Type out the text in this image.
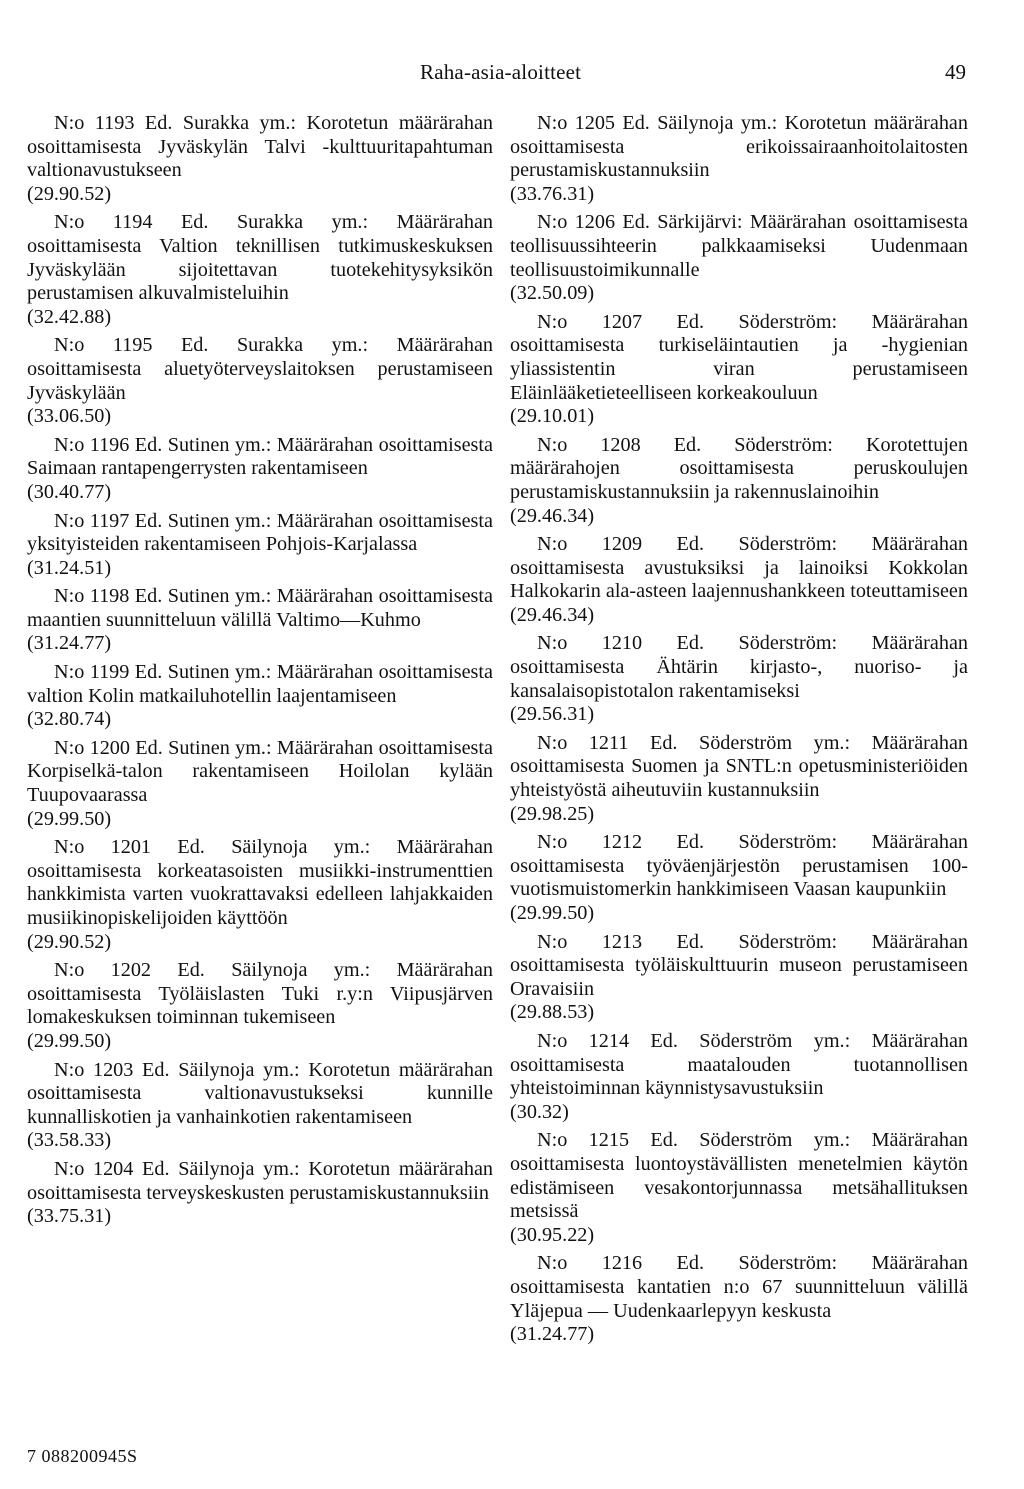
Raha-asia-aloitteet	49

N:o 1193 Ed. Surakka ym.: Korotetun määrärahan osoittamisesta Jyväskylän Talvi -kulttuuritapahtuman valtionavustukseen
(29.90.52)

N:o 1194 Ed. Surakka ym.: Määrärahan osoittamisesta Valtion teknillisen tutkimuskeskuksen Jyväskylään sijoitettavan tuotekehitysyksikön perustamisen alkuvalmisteluihin
(32.42.88)

N:o 1195 Ed. Surakka ym.: Määrärahan osoittamisesta aluetyöterveyslaitoksen perustamiseen Jyväskylään
(33.06.50)

N:o 1196 Ed. Sutinen ym.: Määrärahan osoittamisesta Saimaan rantapengerrysten rakentamiseen
(30.40.77)

N:o 1197 Ed. Sutinen ym.: Määrärahan osoittamisesta yksityisteiden rakentamiseen Pohjois-Karjalassa
(31.24.51)

N:o 1198 Ed. Sutinen ym.: Määrärahan osoittamisesta maantien suunnitteluun välillä Valtimo—Kuhmo
(31.24.77)

N:o 1199 Ed. Sutinen ym.: Määrärahan osoittamisesta valtion Kolin matkailuhotellin laajentamiseen
(32.80.74)

N:o 1200 Ed. Sutinen ym.: Määrärahan osoittamisesta Korpiselkä-talon rakentamiseen Hoilolan kylään Tuupovaarassa
(29.99.50)

N:o 1201 Ed. Säilynoja ym.: Määrärahan osoittamisesta korkeatasoisten musiikki-instrumenttien hankkimista varten vuokrattavaksi edelleen lahjakkaiden musiikinopiskelijoiden käyttöön
(29.90.52)

N:o 1202 Ed. Säilynoja ym.: Määrärahan osoittamisesta Työläislasten Tuki r.y:n Viipusjärven lomakeskuksen toiminnan tukemiseen
(29.99.50)

N:o 1203 Ed. Säilynoja ym.: Korotetun määrärahan osoittamisesta valtionavustukseksi kunnille kunnalliskotien ja vanhainkotien rakentamiseen
(33.58.33)

N:o 1204 Ed. Säilynoja ym.: Korotetun määrärahan osoittamisesta terveyskeskusten perustamiskustannuksiin
(33.75.31)

N:o 1205 Ed. Säilynoja ym.: Korotetun määrärahan osoittamisesta erikoissairaanhoitolaitosten perustamiskustannuksiin
(33.76.31)

N:o 1206 Ed. Särkijärvi: Määrärahan osoittamisesta teollisuussihteerin palkkaamiseksi Uudenmaan teollisuustoimikunnalle
(32.50.09)

N:o 1207 Ed. Söderström: Määrärahan osoittamisesta turkiseläintautien ja -hygienian yliassistentin viran perustamiseen Eläinlääketieteelliseen korkeakouluun
(29.10.01)

N:o 1208 Ed. Söderström: Korotettujen määrärahojen osoittamisesta peruskoulujen perustamiskustannuksiin ja rakennuslainoihin
(29.46.34)

N:o 1209 Ed. Söderström: Määrärahan osoittamisesta avustuksiksi ja lainoiksi Kokkolan Halkokarin ala-asteen laajennushankkeen toteuttamiseen
(29.46.34)

N:o 1210 Ed. Söderström: Määrärahan osoittamisesta Ähtärin kirjasto-, nuoriso- ja kansalaisopistotalon rakentamiseksi
(29.56.31)

N:o 1211 Ed. Söderström ym.: Määrärahan osoittamisesta Suomen ja SNTL:n opetusministeriöiden yhteistyöstä aiheutuviin kustannuksiin
(29.98.25)

N:o 1212 Ed. Söderström: Määrärahan osoittamisesta työväenjärjestön perustamisen 100-vuotismuistomerkin hankkimiseen Vaasan kaupunkiin
(29.99.50)

N:o 1213 Ed. Söderström: Määrärahan osoittamisesta työläiskulttuurin museon perustamiseen Oravaisiin
(29.88.53)

N:o 1214 Ed. Söderström ym.: Määrärahan osoittamisesta maatalouden tuotannollisen yhteistoiminnan käynnistysavustuksiin
(30.32)

N:o 1215 Ed. Söderström ym.: Määrärahan osoittamisesta luontoystävällisten menetelmien käytön edistämiseen vesakontorjunnassa metsähallituksen metsissä
(30.95.22)

N:o 1216 Ed. Söderström: Määrärahan osoittamisesta kantatien n:o 67 suunnitteluun välillä Yläjepua — Uudenkaarlepyyn keskusta
(31.24.77)

7 088200945S
